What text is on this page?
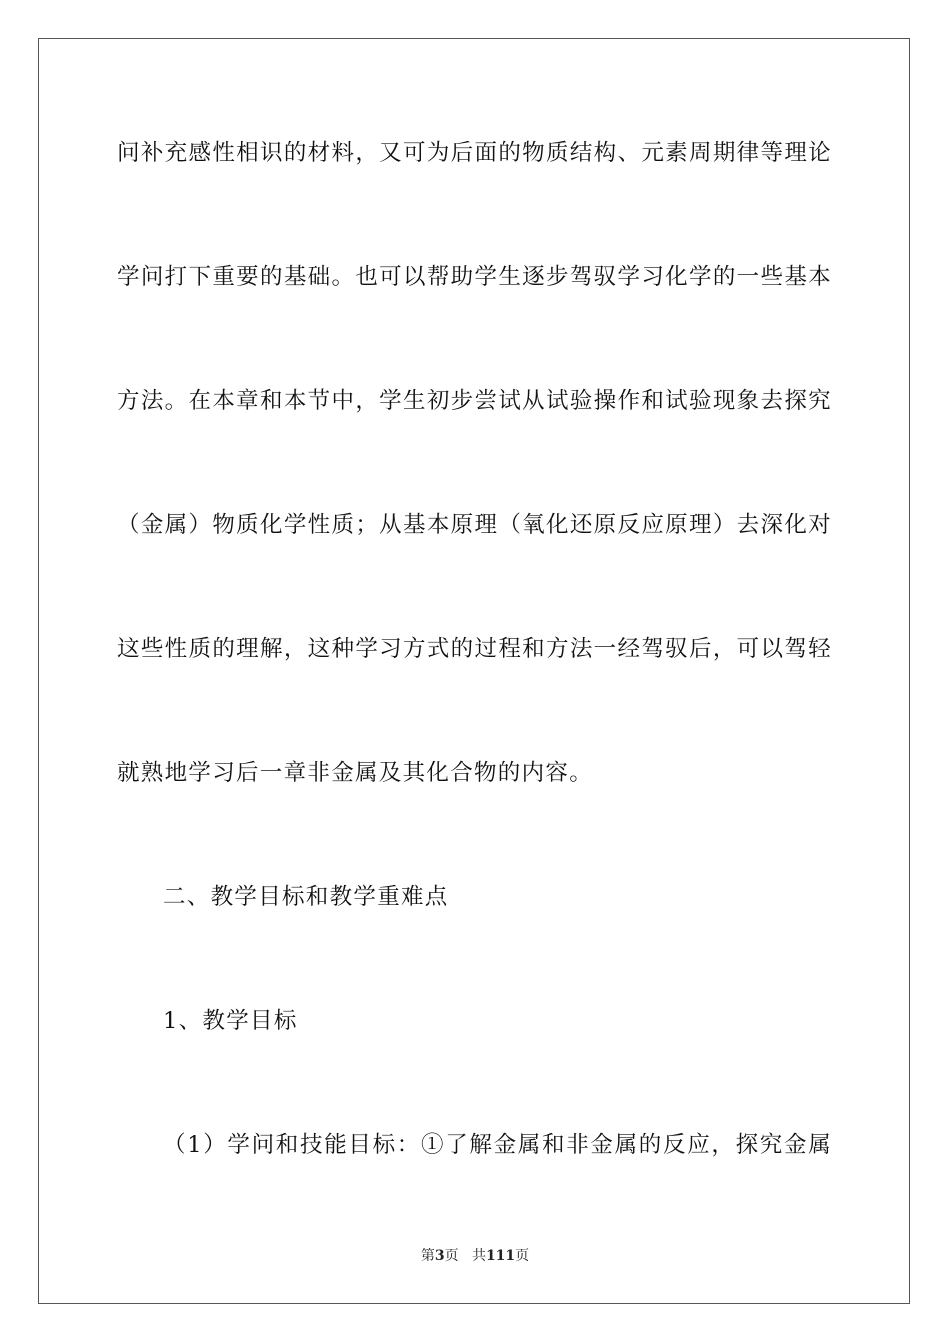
问补充感性相识的材料，又可为后面的物质结构、元素周期律等理论
学问打下重要的基础。也可以帮助学生逐步驾驭学习化学的一些基本
方法。在本章和本节中，学生初步尝试从试验操作和试验现象去探究
（金属）物质化学性质；从基本原理（氧化还原反应原理）去深化对
这些性质的理解，这种学习方式的过程和方法一经驾驭后，可以驾轻
就熟地学习后一章非金属及其化合物的内容。
二、教学目标和教学重难点
1、教学目标
（1）学问和技能目标：①了解金属和非金属的反应，探究金属
第3页 共111页
